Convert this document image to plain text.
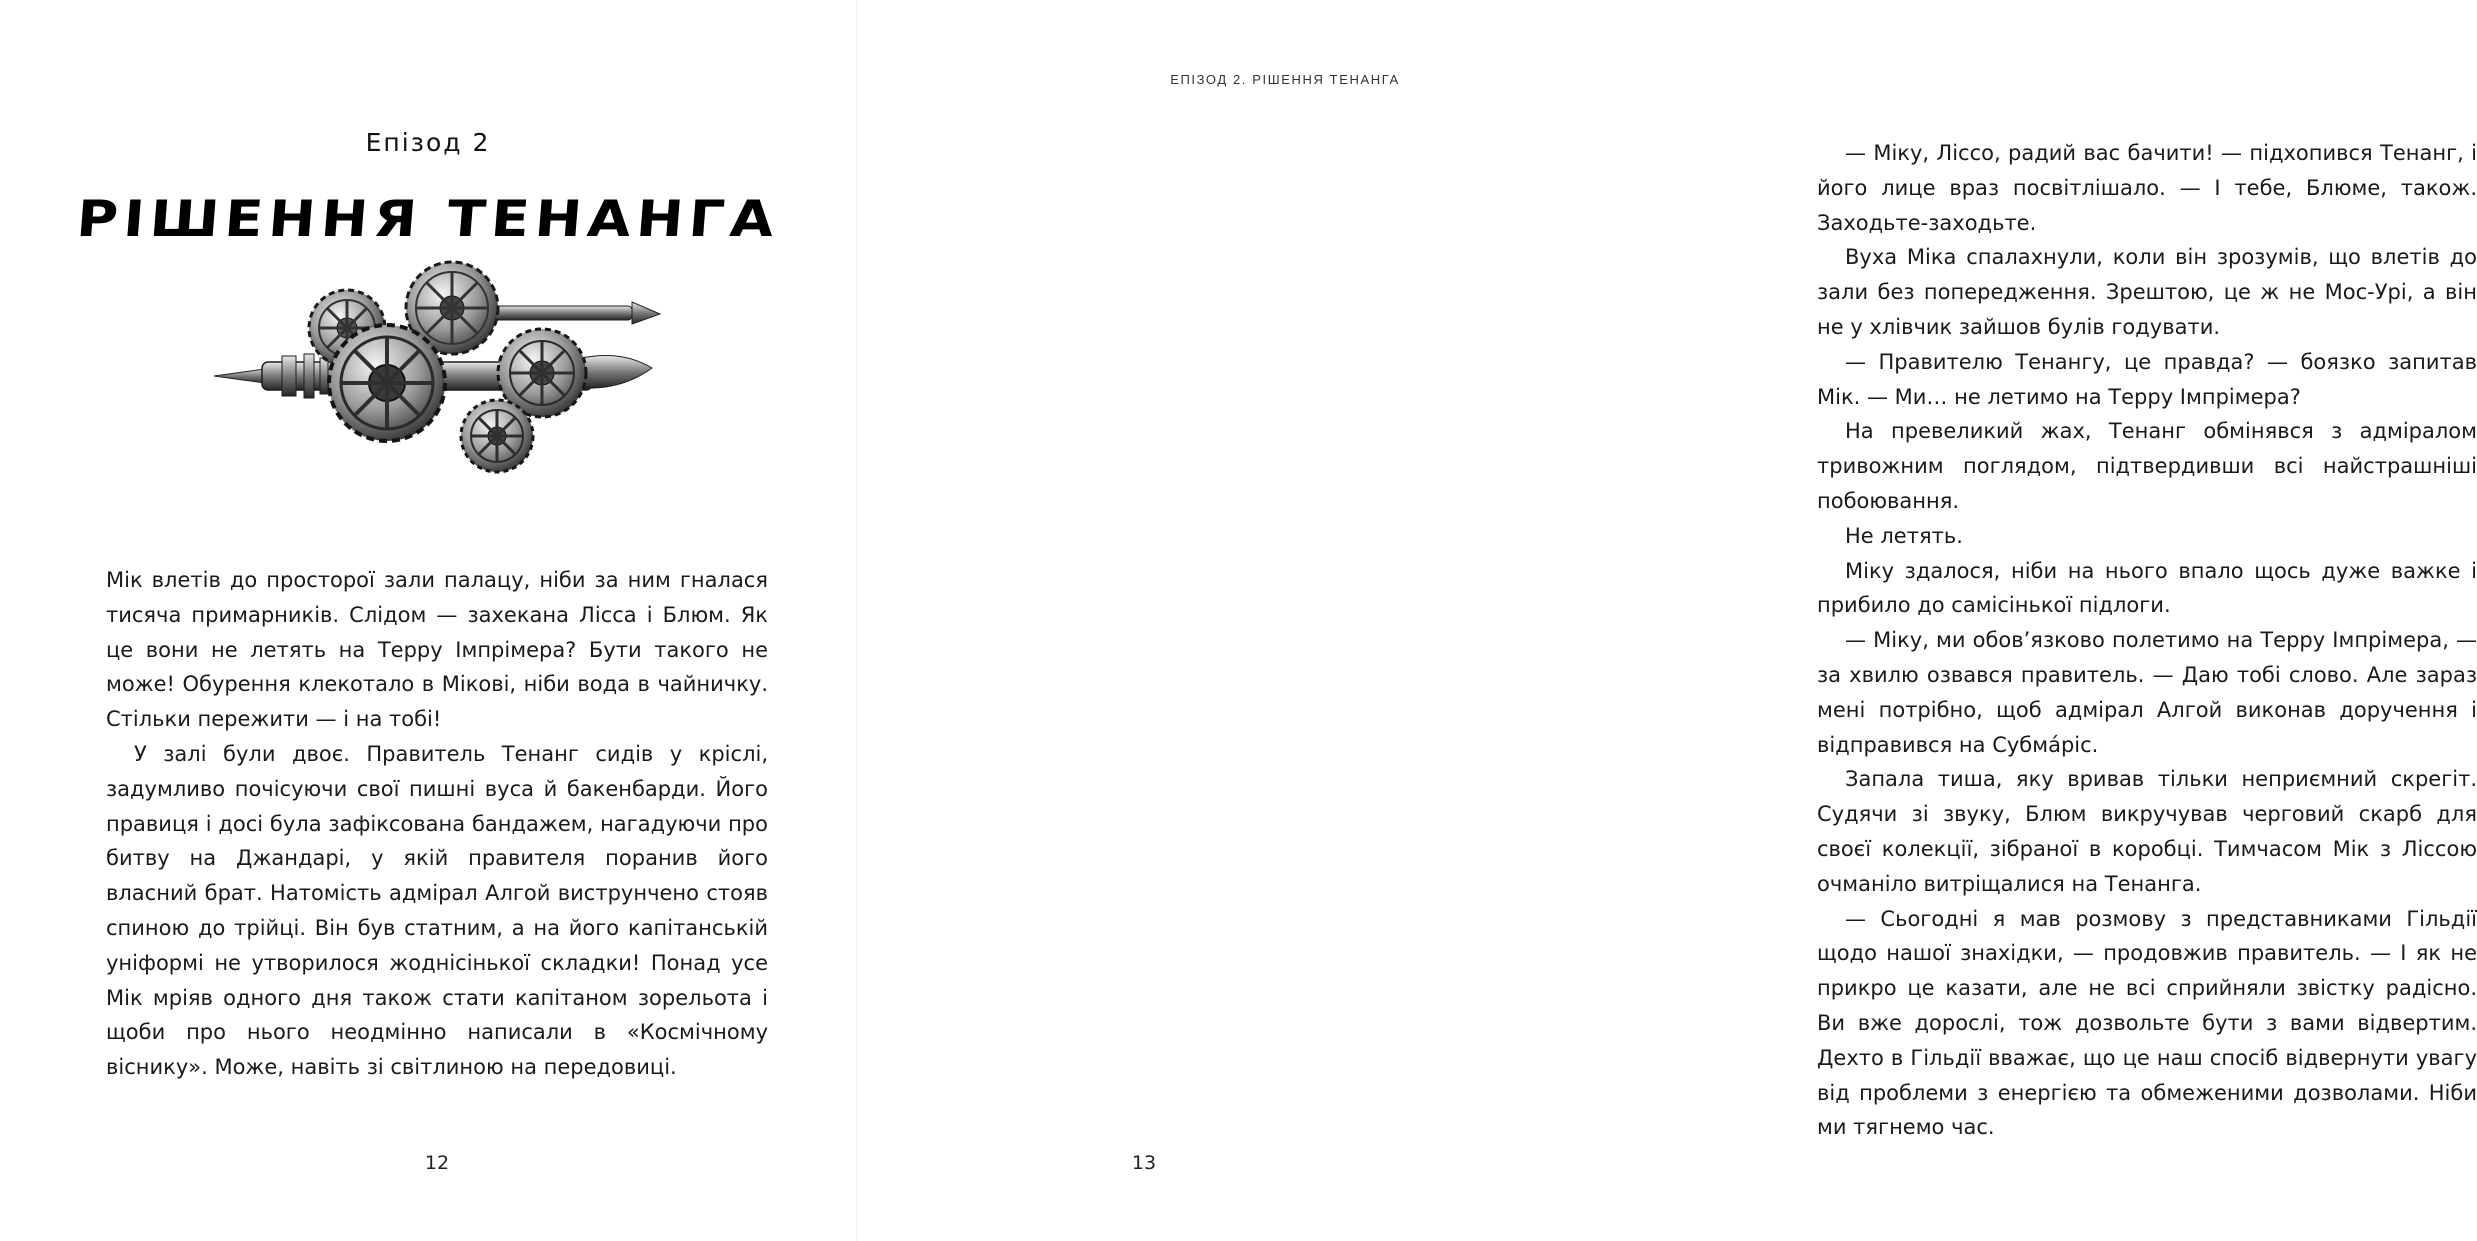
Епізод 2
РІШЕННЯ ТЕНАНГА

Мік влетів до просторої зали палацу, ніби за ним гналася тисяча примарників. Слідом — захекана Лісса і Блюм. Як це вони не летять на Терру Імпрімера? Бути такого не може! Обурення клекотало в Мікові, ніби вода в чайничку. Стільки пережити — і на тобі!

У залі були двоє. Правитель Тенанг сидів у кріслі, задумливо почісуючи свої пишні вуса й бакенбарди. Його правиця і досі була зафіксована бандажем, нагадуючи про битву на Джандарі, у якій правителя поранив його власний брат. Натомість адмірал Алгой виструнчено стояв спиною до трійці. Він був статним, а на його капітанській уніформі не утворилося жоднісінької складки! Понад усе Мік мріяв одного дня також стати капітаном зорельота і щоби про нього неодмінно написали в «Космічному віснику». Може, навіть зі світлиною на передовиці.

12
ЕПІЗОД 2. РІШЕННЯ ТЕНАНГА

— Міку, Ліссо, радий вас бачити! — підхопився Тенанг, і його лице враз посвітлішало. — І тебе, Блюме, також. Заходьте-заходьте.

Вуха Міка спалахнули, коли він зрозумів, що влетів до зали без попередження. Зрештою, це ж не Мос-Урі, а він не у хлівчик зайшов булів годувати.

— Правителю Тенангу, це правда? — боязко запитав Мік. — Ми… не летимо на Терру Імпрімера?

На превеликий жах, Тенанг обмінявся з адміралом тривожним поглядом, підтвердивши всі найстрашніші побоювання.

Не летять.

Міку здалося, ніби на нього впало щось дуже важке і прибило до самісінької підлоги.

— Міку, ми обов’язково полетимо на Терру Імпрімера, — за хвилю озвався правитель. — Даю тобі слово. Але зараз мені потрібно, щоб адмірал Алгой виконав доручення і відправився на Субмáріс.

Запала тиша, яку вривав тільки неприємний скрегіт. Судячи зі звуку, Блюм викручував черговий скарб для своєї колекції, зібраної в коробці. Тимчасом Мік з Ліссою очманіло витріщалися на Тенанга.

— Сьогодні я мав розмову з представниками Гільдії щодо нашої знахідки, — продовжив правитель. — І як не прикро це казати, але не всі сприйняли звістку радісно. Ви вже дорослі, тож дозвольте бути з вами відвертим. Дехто в Гільдії вважає, що це наш спосіб відвернути увагу від проблеми з енергією та обмеженими дозволами. Ніби ми тягнемо час.

13
